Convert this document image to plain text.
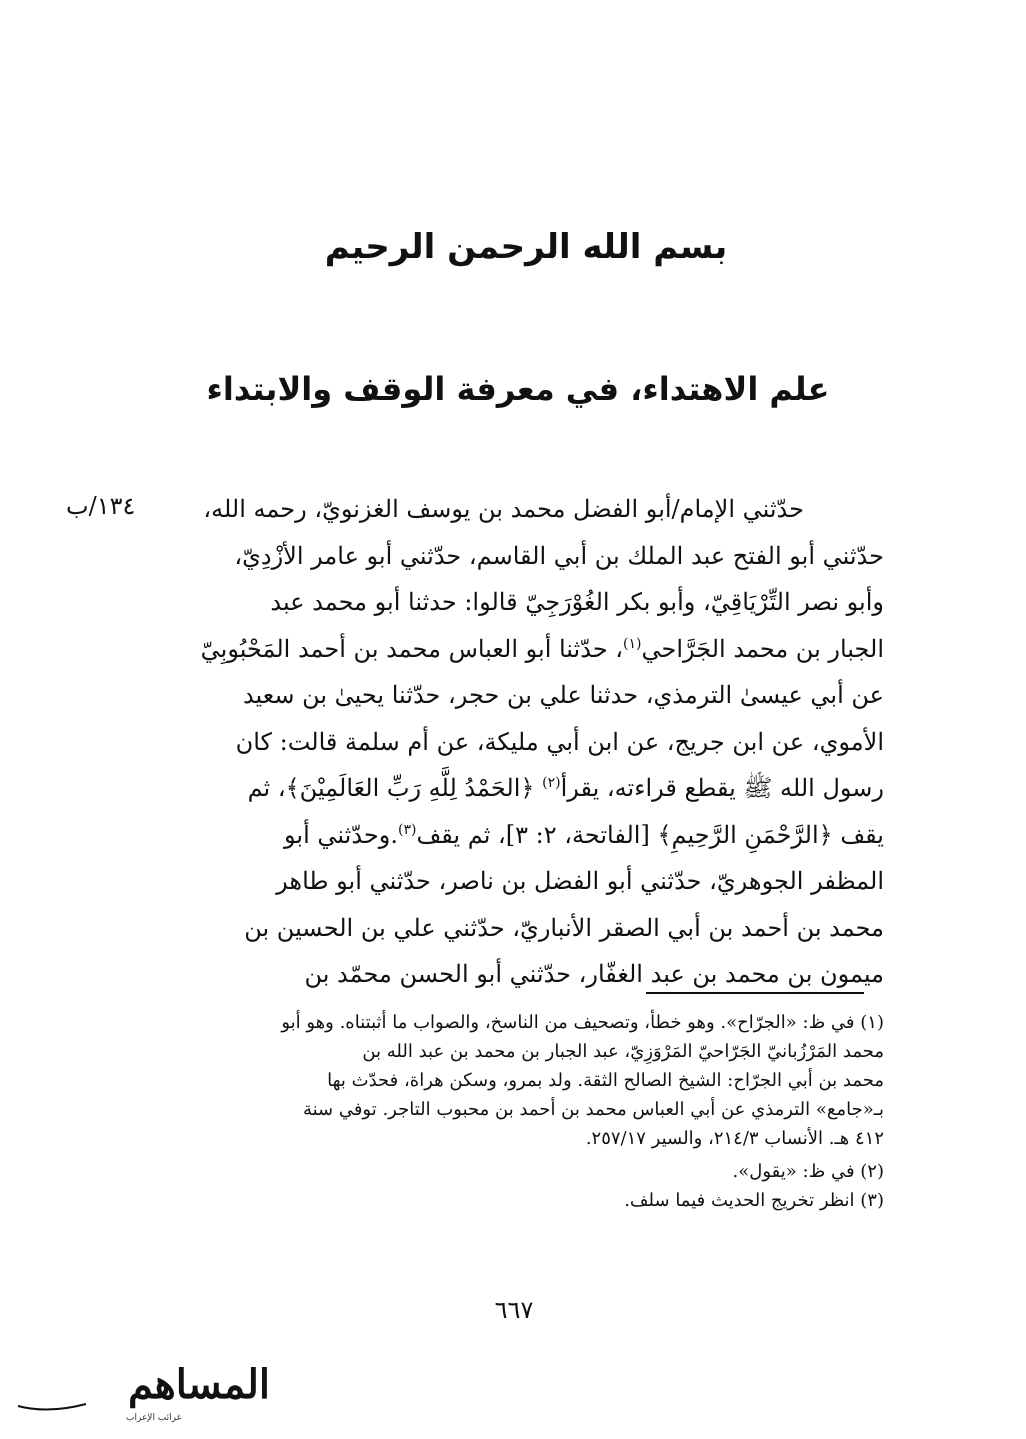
بسم الله الرحمن الرحيم
علم الاهتداء، في معرفة الوقف والابتداء
١٣٤/ب	حدّثني الإمام/أبو الفضل محمد بن يوسف الغزنويّ، رحمه الله،
حدّثني أبو الفتح عبد الملك بن أبي القاسم، حدّثني أبو عامر الأزْدِيّ،
وأبو نصر التِّرْيَاقِيّ، وأبو بكر الغُوْرَجِيّ قالوا: حدثنا أبو محمد عبد
الجبار بن محمد الجَرَّاحي$^{(١)}$، حدّثنا أبو العباس محمد بن أحمد المَحْبُوبِيّ
عن أبي عيسىٰ الترمذي، حدثنا علي بن حجر، حدّثنا يحيىٰ بن سعيد
الأموي، عن ابن جريج، عن ابن أبي مليكة، عن أم سلمة قالت: كان
رسول الله ﷺ يقطع قراءته، يقرأ$^{(٢)}$ ﴿الحَمْدُ لِلَّهِ رَبِّ العَالَمِيْنَ﴾، ثم
يقف ﴿الرَّحْمَنِ الرَّحِيمِ﴾ [الفاتحة، ٢: ٣]، ثم يقف$^{(٣)}$.وحدّثني أبو
المظفر الجوهريّ، حدّثني أبو الفضل بن ناصر، حدّثني أبو طاهر
محمد بن أحمد بن أبي الصقر الأنباريّ، حدّثني علي بن الحسين بن
ميمون بن محمد بن عبد الغفّار، حدّثني أبو الحسن محمّد بن

(١) في ظ: «الجرّاح». وهو خطأ، وتصحيف من الناسخ، والصواب ما أثبتناه. وهو أبو

محمد المَرْزُبانيّ الجَرّاحيّ المَرْوَزِيّ، عبد الجبار بن محمد بن عبد الله بن

محمد بن أبي الجرّاح: الشيخ الصالح الثقة. ولد بمرو، وسكن هراة، فحدّث بها

بـ«جامع» الترمذي عن أبي العباس محمد بن أحمد بن محبوب التاجر. توفي سنة

٤١٢ هـ. الأنساب ٢١٤/٣، والسير ٢٥٧/١٧.

(٢) في ظ: «يقول».

(٣) انظر تخريج الحديث فيما سلف.

٦٦٧
المساهم
غرائب الإعراب
